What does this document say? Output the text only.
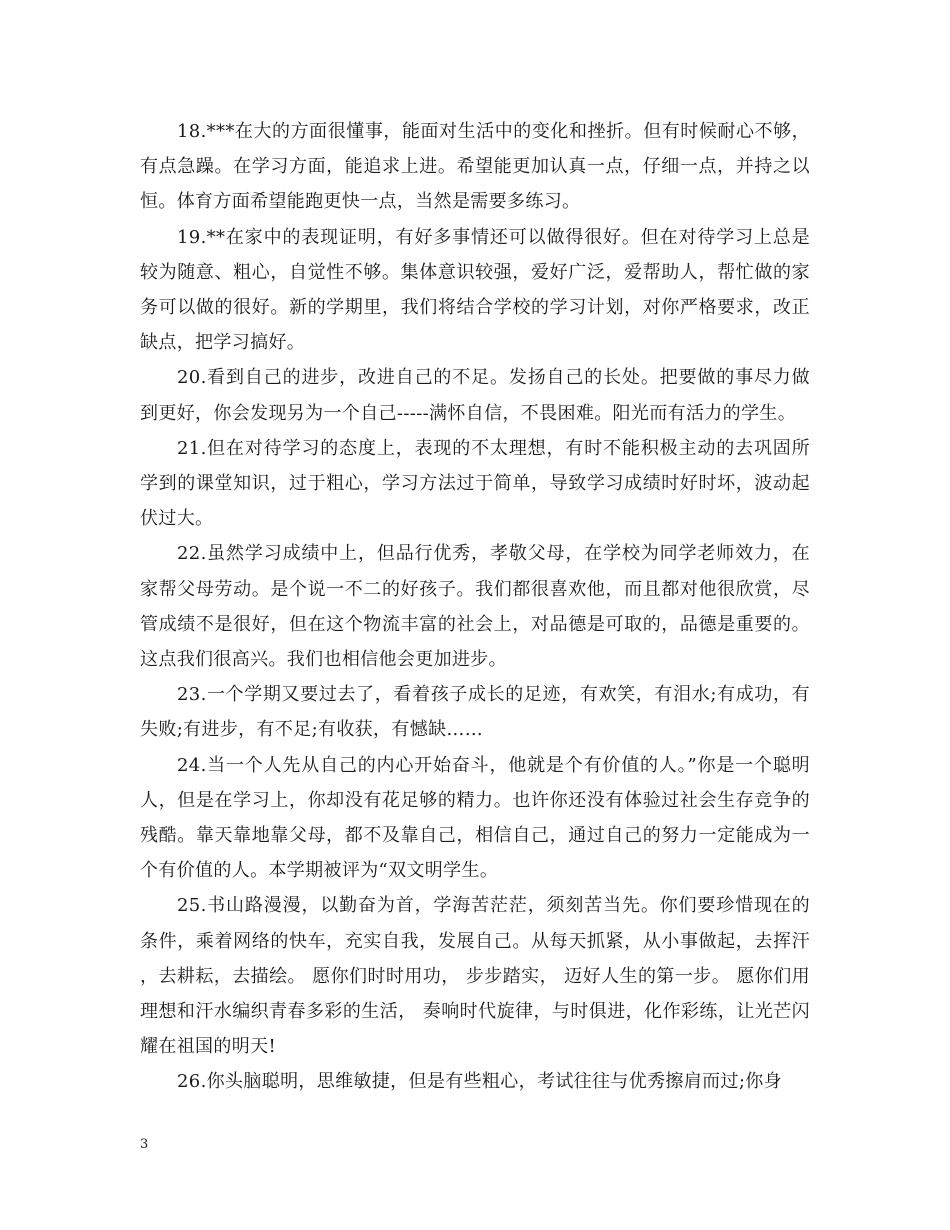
18.***在大的方面很懂事，能面对生活中的变化和挫折。但有时候耐心不够，有点急躁。在学习方面，能追求上进。希望能更加认真一点，仔细一点，并持之以恒。体育方面希望能跑更快一点，当然是需要多练习。

19.**在家中的表现证明，有好多事情还可以做得很好。但在对待学习上总是较为随意、粗心，自觉性不够。集体意识较强，爱好广泛，爱帮助人，帮忙做的家务可以做的很好。新的学期里，我们将结合学校的学习计划，对你严格要求，改正缺点，把学习搞好。

20.看到自己的进步，改进自己的不足。发扬自己的长处。把要做的事尽力做到更好，你会发现另为一个自己-----满怀自信，不畏困难。阳光而有活力的学生。

21.但在对待学习的态度上，表现的不太理想，有时不能积极主动的去巩固所学到的课堂知识，过于粗心，学习方法过于简单，导致学习成绩时好时坏，波动起伏过大。

22.虽然学习成绩中上，但品行优秀，孝敬父母，在学校为同学老师效力，在家帮父母劳动。是个说一不二的好孩子。我们都很喜欢他，而且都对他很欣赏，尽管成绩不是很好，但在这个物流丰富的社会上，对品德是可取的，品德是重要的。这点我们很高兴。我们也相信他会更加进步。

23.一个学期又要过去了，看着孩子成长的足迹，有欢笑，有泪水;有成功，有失败;有进步，有不足;有收获，有憾缺……

24.当一个人先从自己的内心开始奋斗，他就是个有价值的人。”你是一个聪明人，但是在学习上，你却没有花足够的精力。也许你还没有体验过社会生存竞争的残酷。靠天靠地靠父母，都不及靠自己，相信自己，通过自己的努力一定能成为一个有价值的人。本学期被评为“双文明学生。

25.书山路漫漫，以勤奋为首，学海苦茫茫，须刻苦当先。你们要珍惜现在的条件，乘着网络的快车，充实自我，发展自己。从每天抓紧，从小事做起，去挥汗，去耕耘，去描绘。 愿你们时时用功， 步步踏实， 迈好人生的第一步。 愿你们用理想和汗水编织青春多彩的生活， 奏响时代旋律，与时俱进，化作彩练，让光芒闪耀在祖国的明天!

26.你头脑聪明，思维敏捷，但是有些粗心，考试往往与优秀擦肩而过;你身

3
